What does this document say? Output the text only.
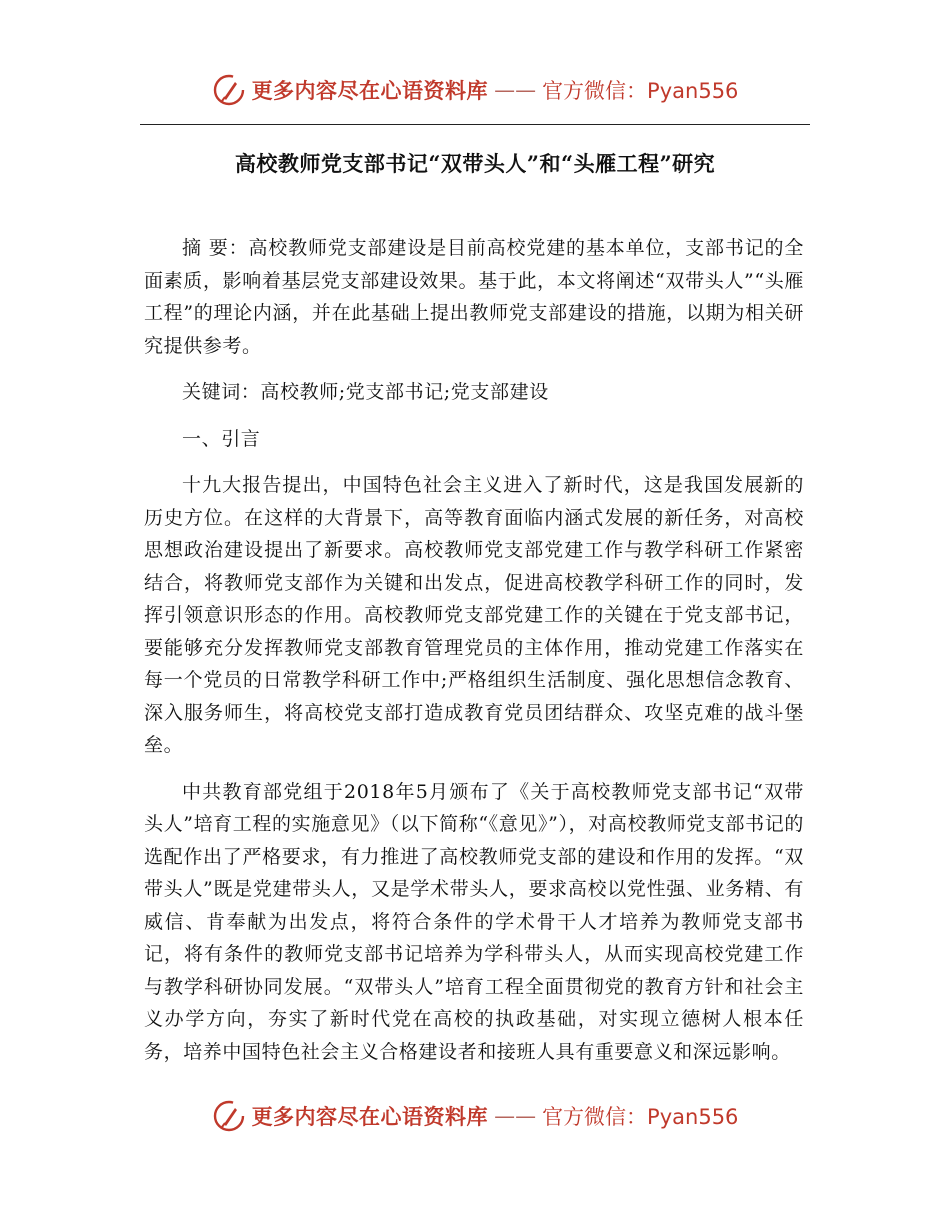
更多内容尽在心语资料库 —— 官方微信：Pyan556
高校教师党支部书记“双带头人”和“头雁工程”研究

摘 要：高校教师党支部建设是目前高校党建的基本单位，支部书记的全面素质，影响着基层党支部建设效果。基于此，本文将阐述“双带头人”“头雁工程”的理论内涵，并在此基础上提出教师党支部建设的措施，以期为相关研究提供参考。

关键词：高校教师;党支部书记;党支部建设

一、引言

十九大报告提出，中国特色社会主义进入了新时代，这是我国发展新的历史方位。在这样的大背景下，高等教育面临内涵式发展的新任务，对高校思想政治建设提出了新要求。高校教师党支部党建工作与教学科研工作紧密结合，将教师党支部作为关键和出发点，促进高校教学科研工作的同时，发挥引领意识形态的作用。高校教师党支部党建工作的关键在于党支部书记，要能够充分发挥教师党支部教育管理党员的主体作用，推动党建工作落实在每一个党员的日常教学科研工作中;严格组织生活制度、强化思想信念教育、深入服务师生，将高校党支部打造成教育党员团结群众、攻坚克难的战斗堡垒。

中共教育部党组于2018年5月颁布了《关于高校教师党支部书记“双带头人”培育工程的实施意见》（以下简称“《意见》”），对高校教师党支部书记的选配作出了严格要求，有力推进了高校教师党支部的建设和作用的发挥。“双带头人”既是党建带头人，又是学术带头人，要求高校以党性强、业务精、有威信、肯奉献为出发点，将符合条件的学术骨干人才培养为教师党支部书记，将有条件的教师党支部书记培养为学科带头人，从而实现高校党建工作与教学科研协同发展。“双带头人”培育工程全面贯彻党的教育方针和社会主义办学方向，夯实了新时代党在高校的执政基础，对实现立德树人根本任务，培养中国特色社会主义合格建设者和接班人具有重要意义和深远影响。

更多内容尽在心语资料库 —— 官方微信：Pyan556
